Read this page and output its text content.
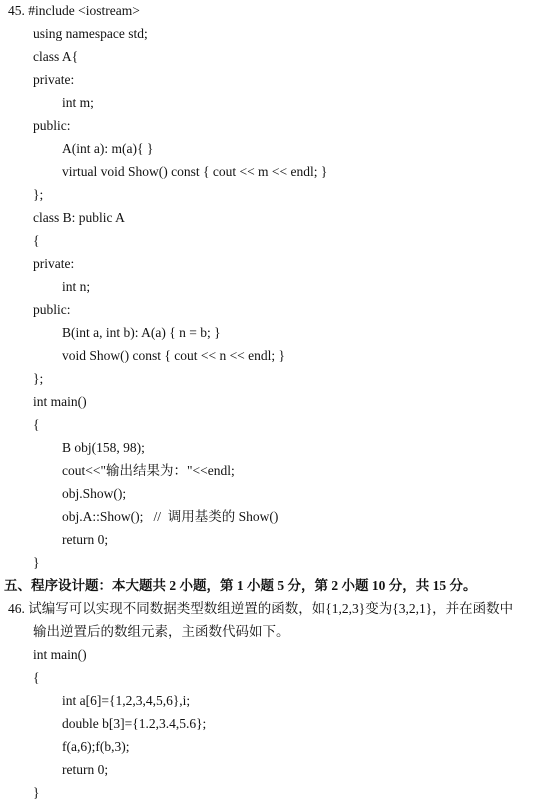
45. #include <iostream>
using namespace std;
class A{
private:
int m;
public:
A(int a): m(a){ }
virtual void Show() const { cout << m << endl; }
};
class B: public A
{
private:
int n;
public:
B(int a, int b): A(a) { n = b; }
void Show() const { cout << n << endl; }
};
int main()
{
B obj(158, 98);
cout<<"输出结果为："<<endl;
obj.Show();
obj.A::Show();   //  调用基类的 Show()
return 0;
}
五、程序设计题：本大题共 2 小题，第 1 小题 5 分，第 2 小题 10 分，共 15 分。
46. 试编写可以实现不同数据类型数组逆置的函数，如{1,2,3}变为{3,2,1}，并在函数中
输出逆置后的数组元素，主函数代码如下。
int main()
{
int a[6]={1,2,3,4,5,6},i;
double b[3]={1.2,3.4,5.6};
f(a,6);f(b,3);
return 0;
}
